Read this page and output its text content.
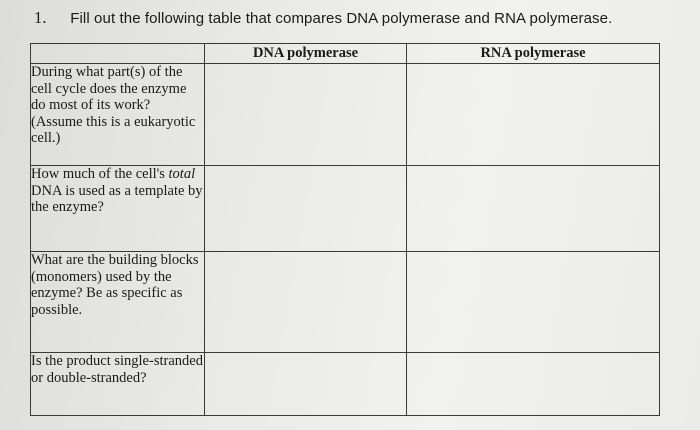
1. Fill out the following table that compares DNA polymerase and RNA polymerase.
	DNA polymerase	RNA polymerase
During what part(s) of the cell cycle does the enzyme do most of its work? (Assume this is a eukaryotic cell.)		
How much of the cell's total DNA is used as a template by the enzyme?		
What are the building blocks (monomers) used by the enzyme? Be as specific as possible.		
Is the product single-stranded or double-stranded?		
